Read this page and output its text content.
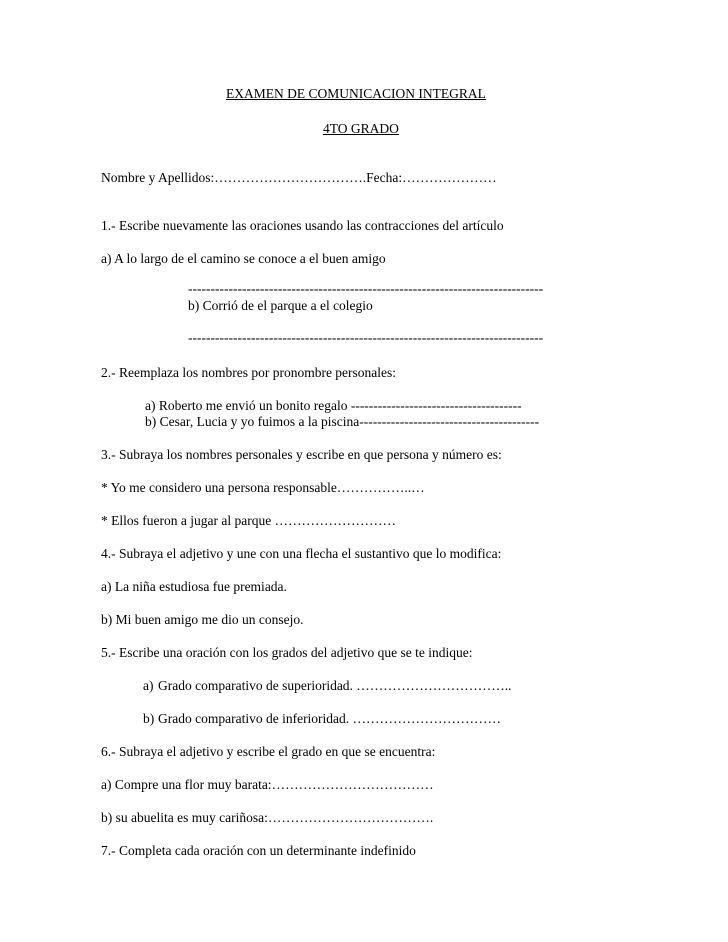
EXAMEN DE COMUNICACION INTEGRAL
4TO GRADO
Nombre y Apellidos:…………………………….Fecha:…………………
1.- Escribe nuevamente las oraciones usando las contracciones del artículo
a) A lo largo de el camino se conoce a el buen amigo
-------------------------------------------------------------------------------
b) Corrió de el parque a el colegio
-------------------------------------------------------------------------------
2.- Reemplaza los nombres por pronombre personales:
a) Roberto me envió un bonito regalo --------------------------------------
b) Cesar, Lucia y yo fuimos a la piscina----------------------------------------
3.- Subraya los nombres personales y escribe en que persona y número es:
* Yo me considero una persona responsable……………..…
* Ellos fueron a jugar al parque ………………………
4.- Subraya el adjetivo y une con una flecha el sustantivo que lo modifica:
a) La niña estudiosa fue premiada.
b) Mi buen amigo me dio un consejo.
5.- Escribe una oración con los grados del adjetivo que se te indique:
a) Grado comparativo de superioridad. ……………………………..
b) Grado comparativo de inferioridad. ……………………………
6.- Subraya el adjetivo y escribe el grado en que se encuentra:
a) Compre una flor muy barata:………………………………
b) su abuelita es muy cariñosa:……………………………….
7.- Completa cada oración con un determinante indefinido
